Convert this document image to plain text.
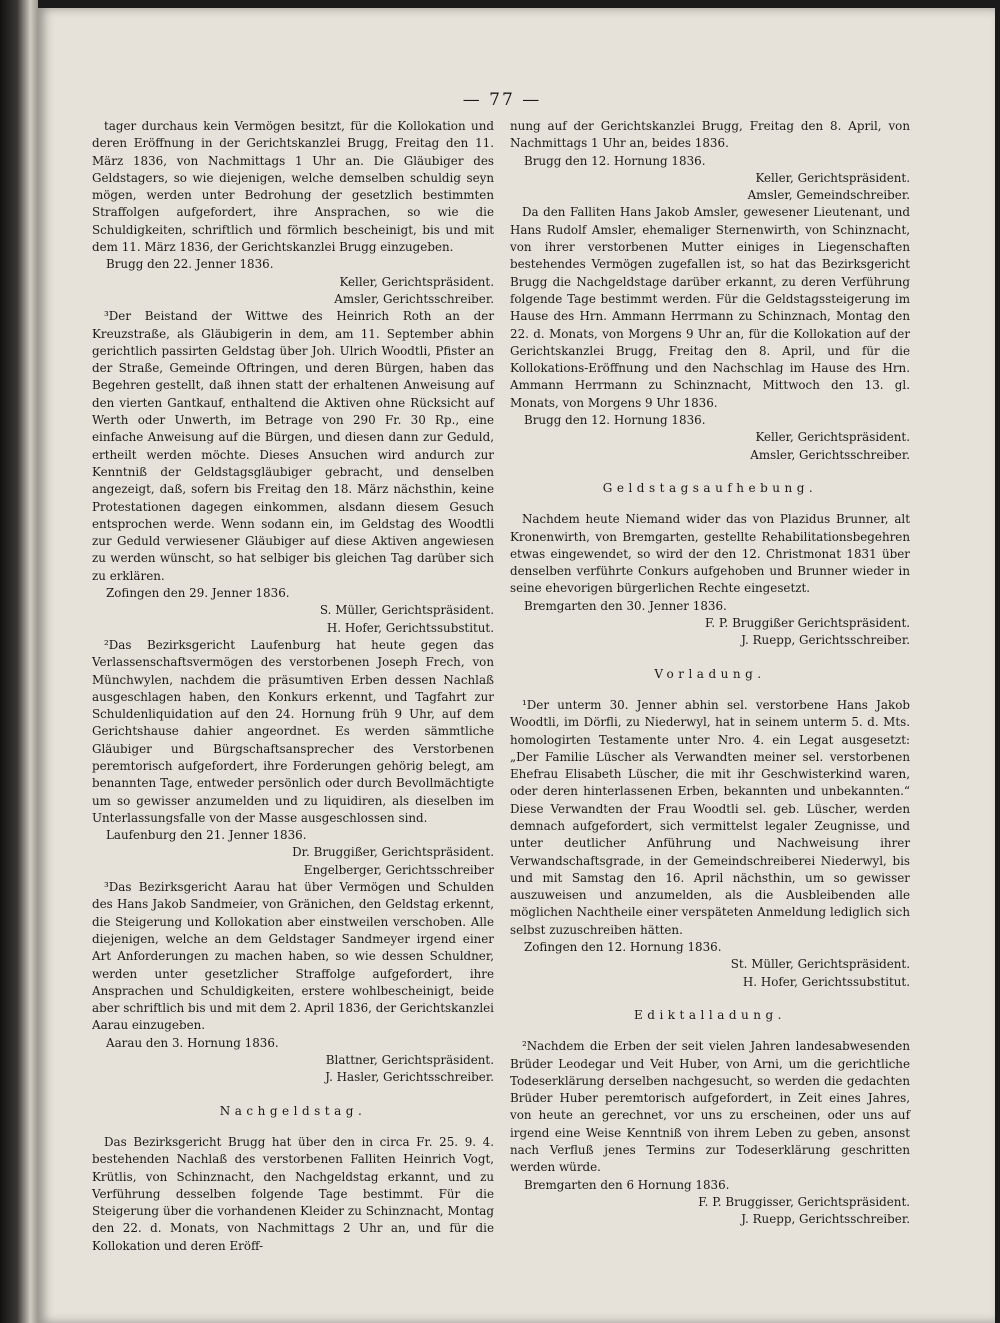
— 77 —

tager durchaus kein Vermögen besitzt, für die Kollokation und deren Eröffnung in der Gerichtskanzlei Brugg, Freitag den 11. März 1836, von Nachmittags 1 Uhr an. Die Gläubiger des Geldstagers, so wie diejenigen, welche demselben schuldig seyn mögen, werden unter Bedrohung der gesetzlich bestimmten Straffolgen aufgefordert, ihre Ansprachen, so wie die Schuldigkeiten, schriftlich und förmlich bescheinigt, bis und mit dem 11. März 1836, der Gerichtskanzlei Brugg einzugeben.

Brugg den 22. Jenner 1836.

Keller, Gerichtspräsident.

Amsler, Gerichtsschreiber.

³Der Beistand der Wittwe des Heinrich Roth an der Kreuzstraße, als Gläubigerin in dem, am 11. September abhin gerichtlich passirten Geldstag über Joh. Ulrich Woodtli, Pfister an der Straße, Gemeinde Oftringen, und deren Bürgen, haben das Begehren gestellt, daß ihnen statt der erhaltenen Anweisung auf den vierten Gantkauf, enthaltend die Aktiven ohne Rücksicht auf Werth oder Unwerth, im Betrage von 290 Fr. 30 Rp., eine einfache Anweisung auf die Bürgen, und diesen dann zur Geduld, ertheilt werden möchte. Dieses Ansuchen wird andurch zur Kenntniß der Geldstagsgläubiger gebracht, und denselben angezeigt, daß, sofern bis Freitag den 18. März nächsthin, keine Protestationen dagegen einkommen, alsdann diesem Gesuch entsprochen werde. Wenn sodann ein, im Geldstag des Woodtli zur Geduld verwiesener Gläubiger auf diese Aktiven angewiesen zu werden wünscht, so hat selbiger bis gleichen Tag darüber sich zu erklären.

Zofingen den 29. Jenner 1836.

S. Müller, Gerichtspräsident.

H. Hofer, Gerichtssubstitut.

²Das Bezirksgericht Laufenburg hat heute gegen das Verlassenschaftsvermögen des verstorbenen Joseph Frech, von Münchwylen, nachdem die präsumtiven Erben dessen Nachlaß ausgeschlagen haben, den Konkurs erkennt, und Tagfahrt zur Schuldenliquidation auf den 24. Hornung früh 9 Uhr, auf dem Gerichtshause dahier angeordnet. Es werden sämmtliche Gläubiger und Bürgschaftsansprecher des Verstorbenen peremtorisch aufgefordert, ihre Forderungen gehörig belegt, am benannten Tage, entweder persönlich oder durch Bevollmächtigte um so gewisser anzumelden und zu liquidiren, als dieselben im Unterlassungsfalle von der Masse ausgeschlossen sind.

Laufenburg den 21. Jenner 1836.

Dr. Bruggißer, Gerichtspräsident.

Engelberger, Gerichtsschreiber

³Das Bezirksgericht Aarau hat über Vermögen und Schulden des Hans Jakob Sandmeier, von Gränichen, den Geldstag erkennt, die Steigerung und Kollokation aber einstweilen verschoben. Alle diejenigen, welche an dem Geldstager Sandmeyer irgend einer Art Anforderungen zu machen haben, so wie dessen Schuldner, werden unter gesetzlicher Straffolge aufgefordert, ihre Ansprachen und Schuldigkeiten, erstere wohlbescheinigt, beide aber schriftlich bis und mit dem 2. April 1836, der Gerichtskanzlei Aarau einzugeben.

Aarau den 3. Hornung 1836.

Blattner, Gerichtspräsident.

J. Hasler, Gerichtsschreiber.

Nachgeldstag.

Das Bezirksgericht Brugg hat über den in circa Fr. 25. 9. 4. bestehenden Nachlaß des verstorbenen Falliten Heinrich Vogt, Krütlis, von Schinznacht, den Nachgeldstag erkannt, und zu Verführung desselben folgende Tage bestimmt. Für die Steigerung über die vorhandenen Kleider zu Schinznacht, Montag den 22. d. Monats, von Nachmittags 2 Uhr an, und für die Kollokation und deren Eröff-

nung auf der Gerichtskanzlei Brugg, Freitag den 8. April, von Nachmittags 1 Uhr an, beides 1836.

Brugg den 12. Hornung 1836.

Keller, Gerichtspräsident.

Amsler, Gemeindschreiber.

Da den Falliten Hans Jakob Amsler, gewesener Lieutenant, und Hans Rudolf Amsler, ehemaliger Sternenwirth, von Schinznacht, von ihrer verstorbenen Mutter einiges in Liegenschaften bestehendes Vermögen zugefallen ist, so hat das Bezirksgericht Brugg die Nachgeldstage darüber erkannt, zu deren Verführung folgende Tage bestimmt werden. Für die Geldstagssteigerung im Hause des Hrn. Ammann Herrmann zu Schinznach, Montag den 22. d. Monats, von Morgens 9 Uhr an, für die Kollokation auf der Gerichtskanzlei Brugg, Freitag den 8. April, und für die Kollokations-Eröffnung und den Nachschlag im Hause des Hrn. Ammann Herrmann zu Schinznacht, Mittwoch den 13. gl. Monats, von Morgens 9 Uhr 1836.

Brugg den 12. Hornung 1836.

Keller, Gerichtspräsident.

Amsler, Gerichtsschreiber.

Geldstagsaufhebung.

Nachdem heute Niemand wider das von Plazidus Brunner, alt Kronenwirth, von Bremgarten, gestellte Rehabilitationsbegehren etwas eingewendet, so wird der den 12. Christmonat 1831 über denselben verführte Conkurs aufgehoben und Brunner wieder in seine ehevorigen bürgerlichen Rechte eingesetzt.

Bremgarten den 30. Jenner 1836.

F. P. Bruggißer Gerichtspräsident.

J. Ruepp, Gerichtsschreiber.

Vorladung.

¹Der unterm 30. Jenner abhin sel. verstorbene Hans Jakob Woodtli, im Dörfli, zu Niederwyl, hat in seinem unterm 5. d. Mts. homologirten Testamente unter Nro. 4. ein Legat ausgesetzt: „Der Familie Lüscher als Verwandten meiner sel. verstorbenen Ehefrau Elisabeth Lüscher, die mit ihr Geschwisterkind waren, oder deren hinterlassenen Erben, bekannten und unbekannten.“ Diese Verwandten der Frau Woodtli sel. geb. Lüscher, werden demnach aufgefordert, sich vermittelst legaler Zeugnisse, und unter deutlicher Anführung und Nachweisung ihrer Verwandschaftsgrade, in der Gemeindschreiberei Niederwyl, bis und mit Samstag den 16. April nächsthin, um so gewisser auszuweisen und anzumelden, als die Ausbleibenden alle möglichen Nachtheile einer verspäteten Anmeldung lediglich sich selbst zuzuschreiben hätten.

Zofingen den 12. Hornung 1836.

St. Müller, Gerichtspräsident.

H. Hofer, Gerichtssubstitut.

Ediktalladung.

²Nachdem die Erben der seit vielen Jahren landesabwesenden Brüder Leodegar und Veit Huber, von Arni, um die gerichtliche Todeserklärung derselben nachgesucht, so werden die gedachten Brüder Huber peremtorisch aufgefordert, in Zeit eines Jahres, von heute an gerechnet, vor uns zu erscheinen, oder uns auf irgend eine Weise Kenntniß von ihrem Leben zu geben, ansonst nach Verfluß jenes Termins zur Todeserklärung geschritten werden würde.

Bremgarten den 6 Hornung 1836.

F. P. Bruggisser, Gerichtspräsident.

J. Ruepp, Gerichtsschreiber.
